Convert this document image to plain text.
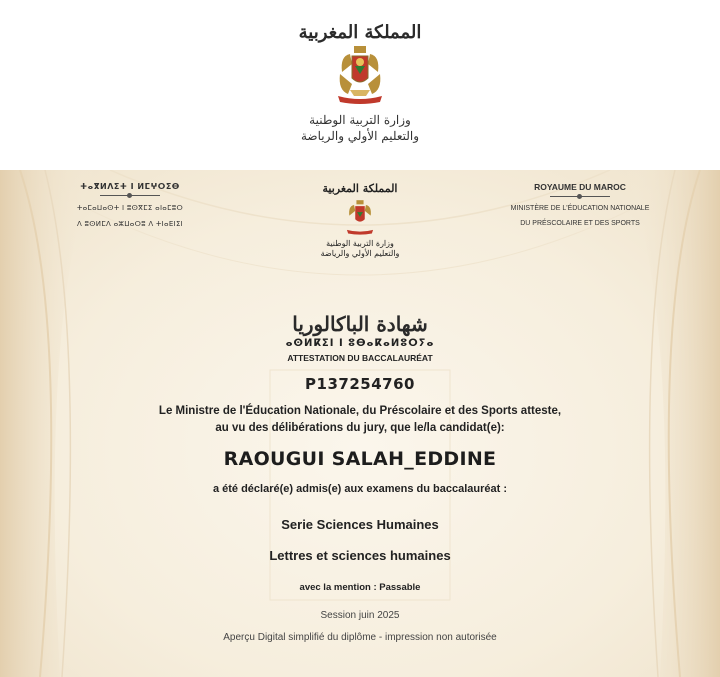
المملكة المغربية
وزارة التربية الوطنية
والتعليم الأولي والرياضة
ⵜⴰⴳⵍⴷⵉⵜ ⵏ ⵍⵎⵖⵔⵉⴱ
ⵜⴰⵎⴰⵡⴰⵙⵜ ⵏ ⵓⵙⴳⵎⵉ ⴰⵏⴰⵎⵓⵔ
ⴷ ⵓⵙⵍⵎⴷ ⴰⵣⵡⴰⵔⵓ ⴷ ⵜⵏⴰⴹⵏⵉⵏ
المملكة المغربية
وزارة التربية الوطنية
والتعليم الأولي والرياضة
ROYAUME DU MAROC
MINISTÈRE DE L'ÉDUCATION NATIONALE
DU PRÉSCOLAIRE ET DES SPORTS
شهادة الباكالوريا
ⴰⵙⵍⴽⵉⵏ ⵏ ⵓⴱⴰⴽⴰⵍⵓⵔⵢⴰ
ATTESTATION DU BACCALAURÉAT
P137254760
Le Ministre de l'Éducation Nationale, du Préscolaire et des Sports atteste,
au vu des délibérations du jury, que le/la candidat(e):
RAOUGUI SALAH_EDDINE
a été déclaré(e) admis(e) aux examens du baccalauréat :
Serie Sciences Humaines
Lettres et sciences humaines
avec la mention : Passable
Session juin 2025
Aperçu Digital simplifié du diplôme - impression non autorisée
